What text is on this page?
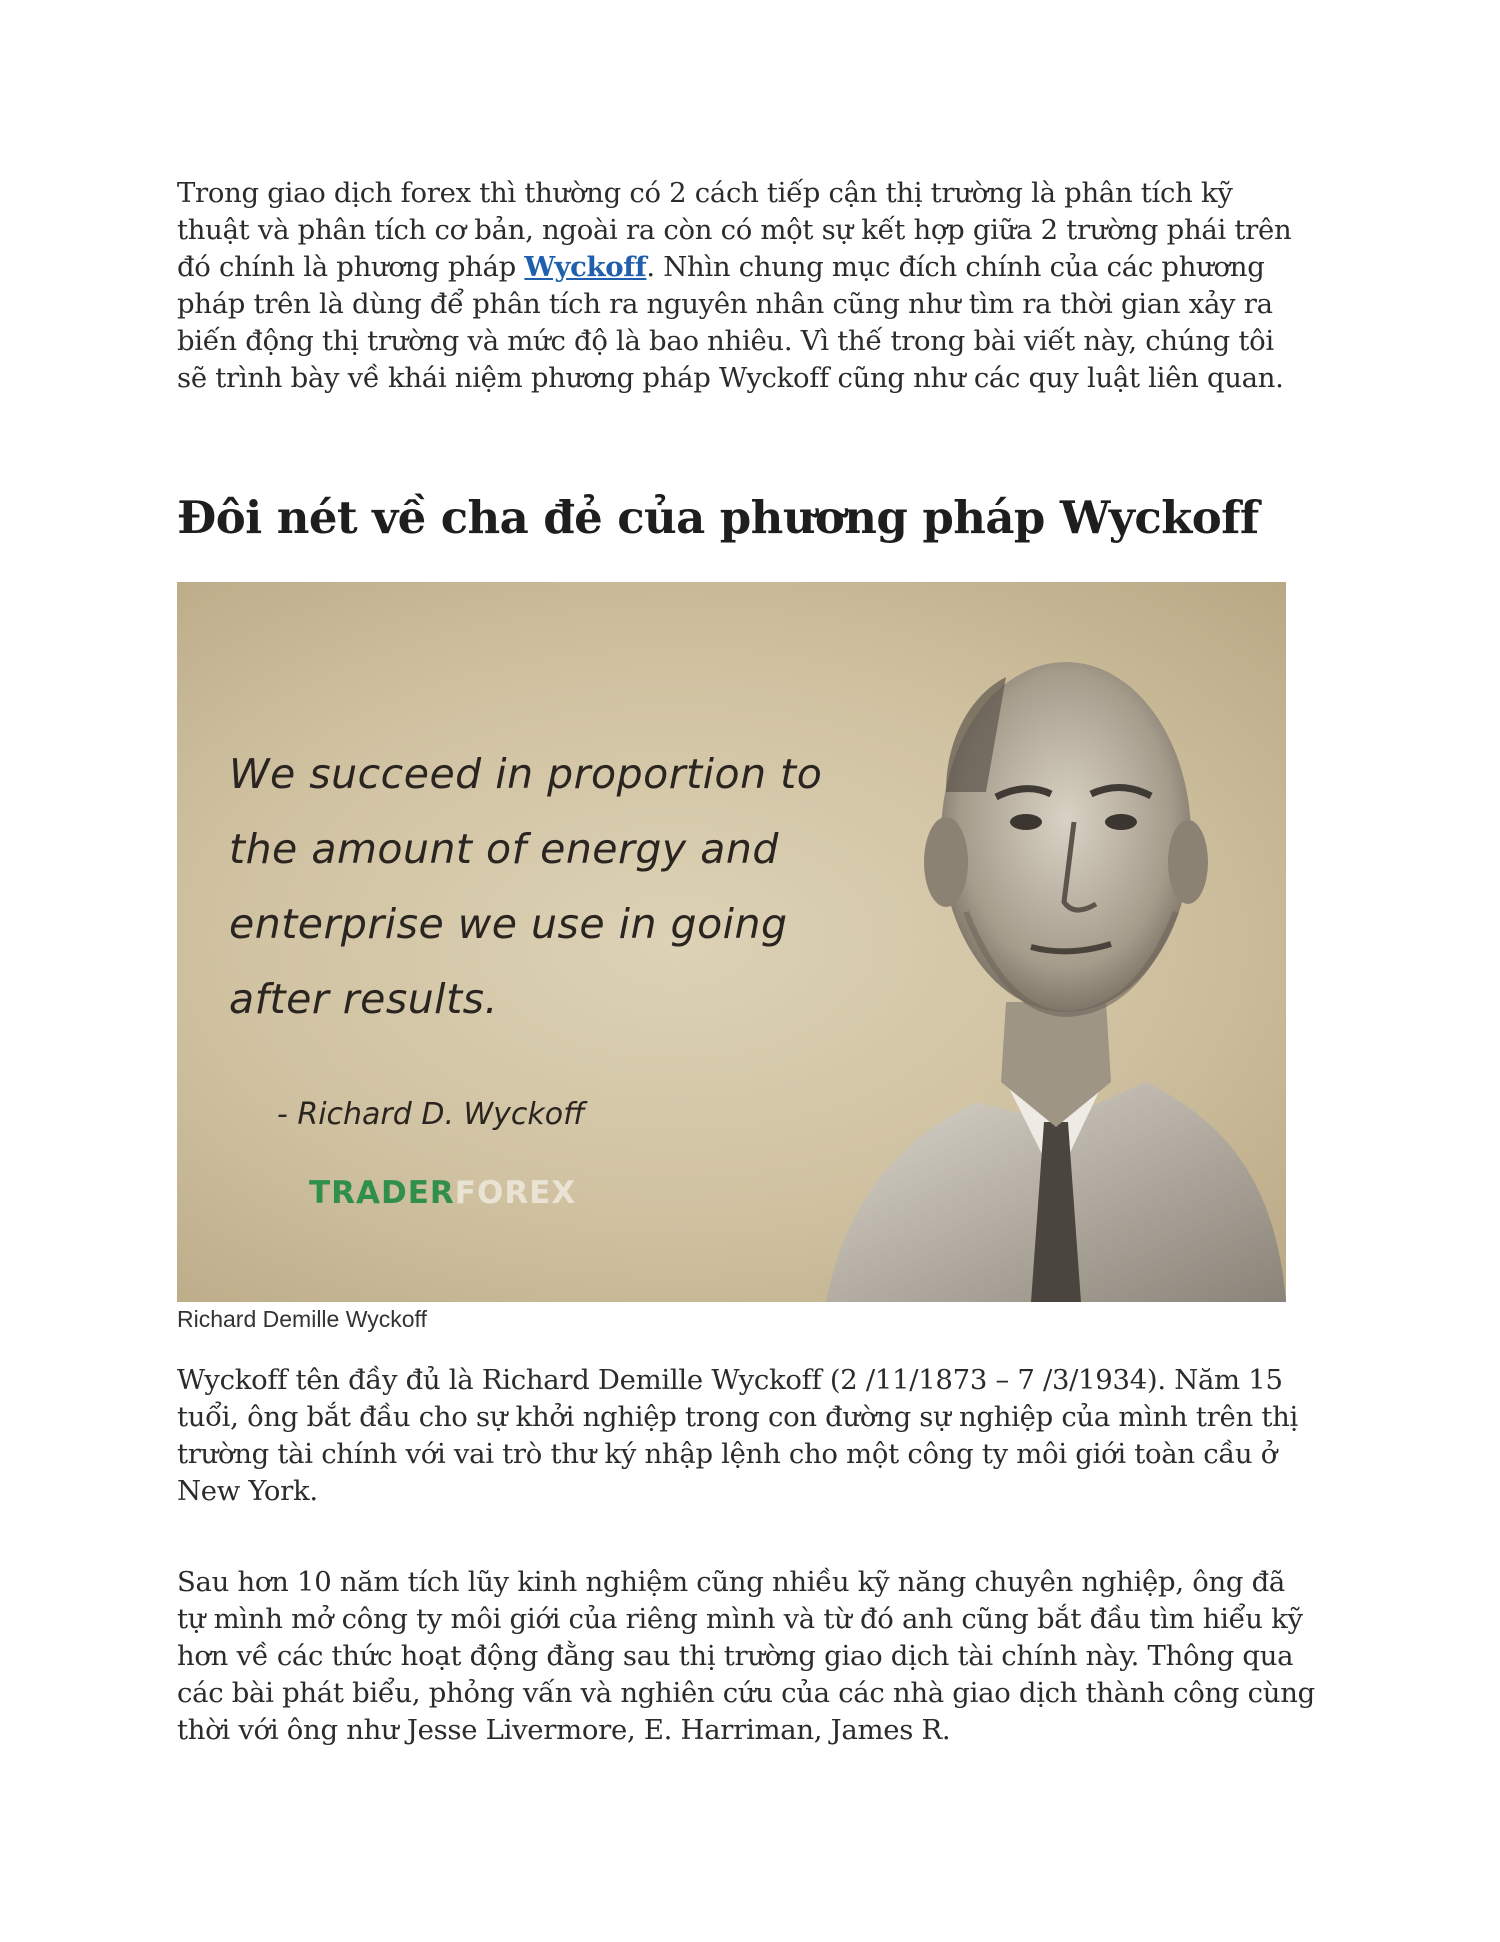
Trong giao dịch forex thì thường có 2 cách tiếp cận thị trường là phân tích kỹ thuật và phân tích cơ bản, ngoài ra còn có một sự kết hợp giữa 2 trường phái trên đó chính là phương pháp Wyckoff. Nhìn chung mục đích chính của các phương pháp trên là dùng để phân tích ra nguyên nhân cũng như tìm ra thời gian xảy ra biến động thị trường và mức độ là bao nhiêu. Vì thế trong bài viết này, chúng tôi sẽ trình bày về khái niệm phương pháp Wyckoff cũng như các quy luật liên quan.

Đôi nét về cha đẻ của phương pháp Wyckoff
We succeed in proportion to
the amount of energy and
enterprise we use in going
after results.
- Richard D. Wyckoff
TRADERFOREX
Richard Demille Wyckoff

Wyckoff tên đầy đủ là Richard Demille Wyckoff (2 /11/1873 – 7 /3/1934). Năm 15 tuổi, ông bắt đầu cho sự khởi nghiệp trong con đường sự nghiệp của mình trên thị trường tài chính với vai trò thư ký nhập lệnh cho một công ty môi giới toàn cầu ở New York.

Sau hơn 10 năm tích lũy kinh nghiệm cũng nhiều kỹ năng chuyên nghiệp, ông đã tự mình mở công ty môi giới của riêng mình và từ đó anh cũng bắt đầu tìm hiểu kỹ hơn về các thức hoạt động đằng sau thị trường giao dịch tài chính này. Thông qua các bài phát biểu, phỏng vấn và nghiên cứu của các nhà giao dịch thành công cùng thời với ông như Jesse Livermore, E. Harriman, James R.
